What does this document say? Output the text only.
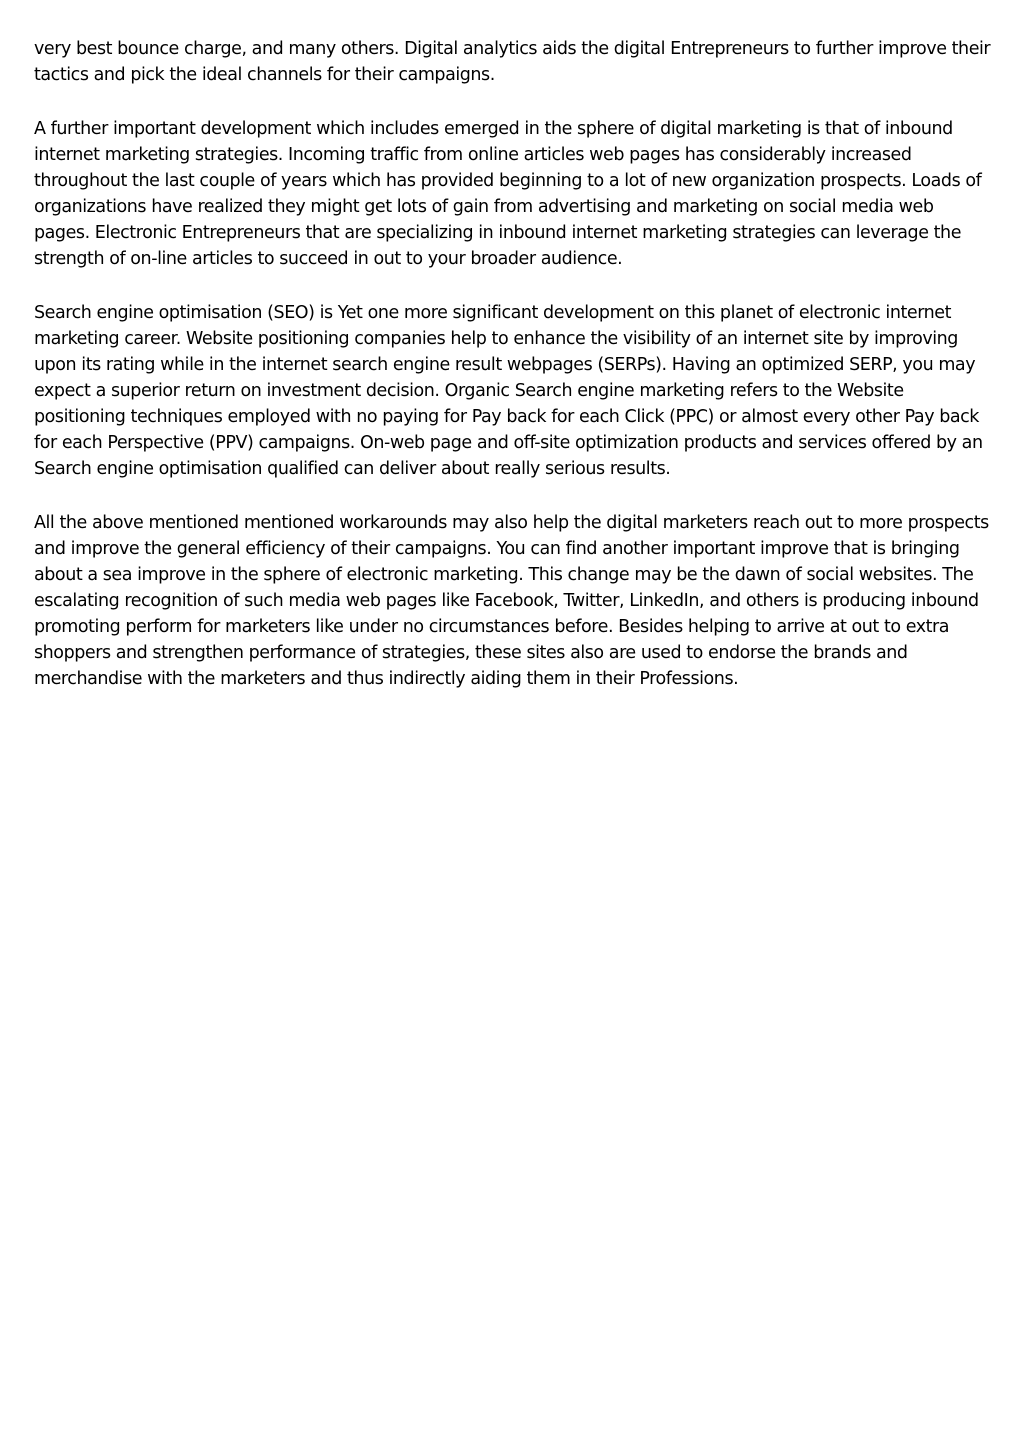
very best bounce charge, and many others. Digital analytics aids the digital Entrepreneurs to further improve their tactics and pick the ideal channels for their campaigns.

A further important development which includes emerged in the sphere of digital marketing is that of inbound internet marketing strategies. Incoming traffic from online articles web pages has considerably increased throughout the last couple of years which has provided beginning to a lot of new organization prospects. Loads of organizations have realized they might get lots of gain from advertising and marketing on social media web pages. Electronic Entrepreneurs that are specializing in inbound internet marketing strategies can leverage the strength of on-line articles to succeed in out to your broader audience.

Search engine optimisation (SEO) is Yet one more significant development on this planet of electronic internet marketing career. Website positioning companies help to enhance the visibility of an internet site by improving upon its rating while in the internet search engine result webpages (SERPs). Having an optimized SERP, you may expect a superior return on investment decision. Organic Search engine marketing refers to the Website positioning techniques employed with no paying for Pay back for each Click (PPC) or almost every other Pay back for each Perspective (PPV) campaigns. On-web page and off-site optimization products and services offered by an Search engine optimisation qualified can deliver about really serious results.

All the above mentioned mentioned workarounds may also help the digital marketers reach out to more prospects and improve the general efficiency of their campaigns. You can find another important improve that is bringing about a sea improve in the sphere of electronic marketing. This change may be the dawn of social websites. The escalating recognition of such media web pages like Facebook, Twitter, LinkedIn, and others is producing inbound promoting perform for marketers like under no circumstances before. Besides helping to arrive at out to extra shoppers and strengthen performance of strategies, these sites also are used to endorse the brands and merchandise with the marketers and thus indirectly aiding them in their Professions.
